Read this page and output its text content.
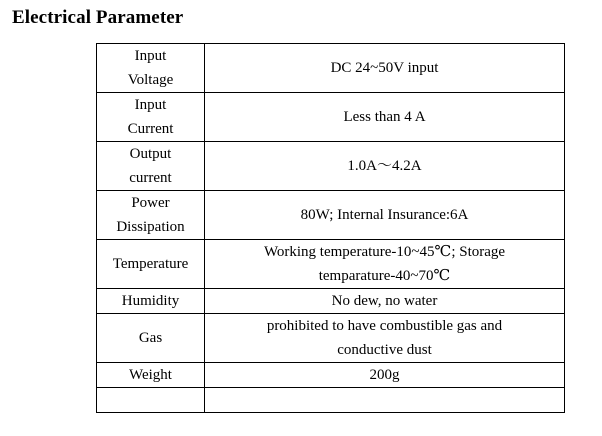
Electrical Parameter
Input
Voltage	DC 24~50V input
Input
Current	Less than 4 A
Output
current	1.0A～4.2A
Power
Dissipation	80W; Internal Insurance:6A
Temperature	Working temperature-10~45℃; Storage
temparature-40~70℃
Humidity	No dew, no water
Gas	prohibited to have combustible gas and
conductive dust
Weight	200g
